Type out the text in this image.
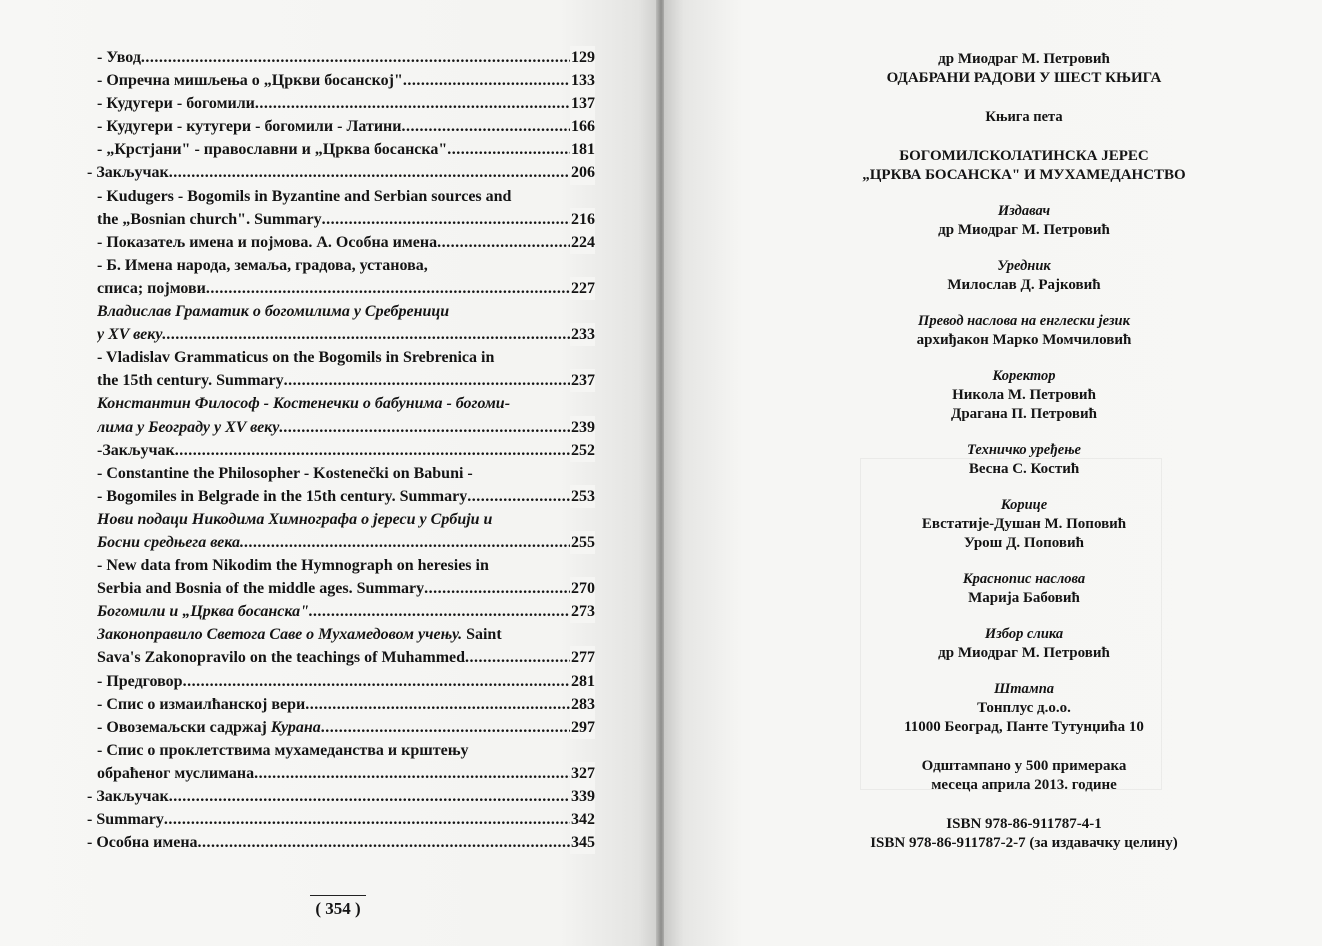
- Увод .....	129
- Опречна мишљења о „Цркви босанској" .....	133
- Кудугери - богомили .....	137
- Кудугери - кутугери - богомили - Латини .....	166
- „Крстјани" - православни и „Црква босанска" .....	181
- Закључак .....	206
- Kudugers - Bogomils in Byzantine and Serbian sources and
the „Bosnian church". Summary .....	216
- Показатељ имена и појмова. А. Особна имена .....	224
- Б. Имена народа, земаља, градова, установа,
списа; појмови .....	227
Владислав Граматик о богомилима у Сребреници
у XV веку .....	233
- Vladislav Grammaticus on the Bogomils in Srebrenica in
the 15th century. Summary .....	237
Константин Философ - Костенечки о бабунима - богоми-
лима у Београду у XV веку .....	239
-Закључак .....	252
- Constantine the Philosopher - Kostenečki on Babuni -
- Bogomiles in Belgrade in the 15th century. Summary .....	253
Нови подаци Никодима Химнографа о јереси у Србији и
Босни средњега века .....	255
- New data from Nikodim the Hymnograph on heresies in
Serbia and Bosnia of the middle ages. Summary .....	270
Богомили и „Црква босанска" .....	273
Законоправило Светога Саве о Мухамедовом учењу. Saint
Sava's Zakonopravilo on the teachings of Muhammed .....	277
- Предговор .....	281
- Спис о измаилћанској вери .....	283
- Овоземаљски садржај Курана .....	297
- Спис о проклетствима мухамеданства и крштењу
обраћеног муслимана .....	327
- Закључак .....	339
- Summary .....	342
- Особна имена .....	345
( 354 )
др Миодраг М. Петровић
ОДАБРАНИ РАДОВИ У ШЕСТ КЊИГА
Књига пета
БОГОМИЛСКОЛАТИНСКА ЈЕРЕС
„ЦРКВА БОСАНСКА" И МУХАМЕДАНСТВО
Издавач
др Миодраг М. Петровић
Уредник
Милослав Д. Рајковић
Превод наслова на енглески језик
архиђакон Марко Момчиловић
Коректор
Никола М. Петровић
Драгана П. Петровић
Техничко уређење
Весна С. Костић
Корице
Евстатије-Душан М. Поповић
Урош Д. Поповић
Краснопис наслова
Марија Бабовић
Избор слика
др Миодраг М. Петровић
Штампа
Тонплус д.о.о.
11000 Београд, Панте Тутунџића 10
Одштампано у 500 примерака
месеца априла 2013. године
ISBN 978-86-911787-4-1
ISBN 978-86-911787-2-7 (за издавачку целину)
